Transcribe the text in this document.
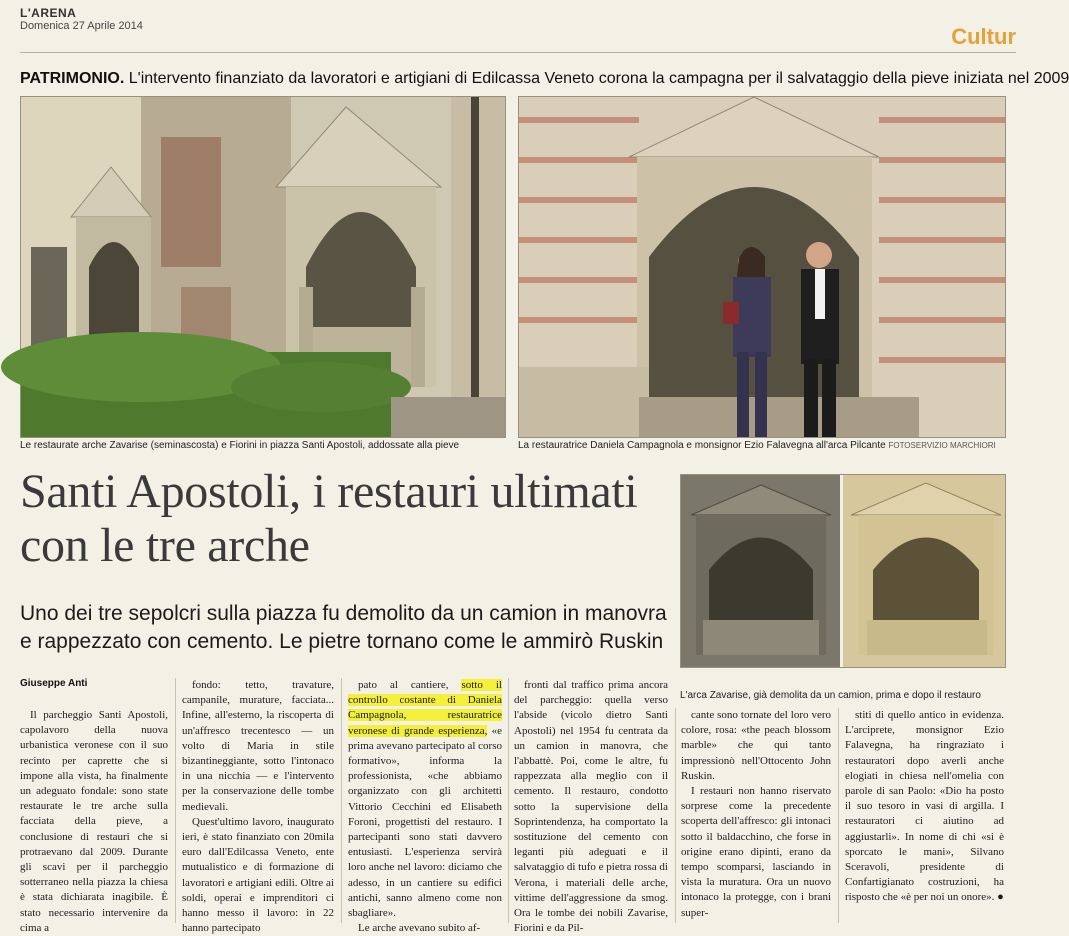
L'ARENA
Domenica 27 Aprile 2014	Cultur
PATRIMONIO. L'intervento finanziato da lavoratori e artigiani di Edilcassa Veneto corona la campagna per il salvataggio della pieve iniziata nel 2009
Le restaurate arche Zavarise (seminascosta) e Fiorini in piazza Santi Apostoli, addossate alla pieve	La restauratrice Daniela Campagnola e monsignor Ezio Falavegna all'arca Pilcante FOTOSERVIZIO MARCHIORI
Santi Apostoli, i restauri ultimati con le tre arche
Uno dei tre sepolcri sulla piazza fu demolito da un camion in manovra e rappezzato con cemento. Le pietre tornano come le ammirò Ruskin
L'arca Zavarise, già demolita da un camion, prima e dopo il restauro
Giuseppe Anti

Il parcheggio Santi Apostoli, capolavoro della nuova urbanistica veronese con il suo recinto per caprette che si impone alla vista, ha finalmente un adeguato fondale: sono state restaurate le tre arche sulla facciata della pieve, a conclusione di restauri che si protraevano dal 2009. Durante gli scavi per il parcheggio sotterraneo nella piazza la chiesa è stata dichiarata inagibile. È stato necessario intervenire da cima a

fondo: tetto, travature, campanile, murature, facciata... Infine, all'esterno, la riscoperta di un'affresco trecentesco — un volto di Maria in stile bizantineggiante, sotto l'intonaco in una nicchia — e l'intervento per la conservazione delle tombe medievali.

Quest'ultimo lavoro, inaugurato ieri, è stato finanziato con 20mila euro dall'Edilcassa Veneto, ente mutualistico e di formazione di lavoratori e artigiani edili. Oltre ai soldi, operai e imprenditori ci hanno messo il lavoro: in 22 hanno partecipato

pato al cantiere, sotto il controllo costante di Daniela Campagnola, restauratrice veronese di grande esperienza, «e prima avevano partecipato al corso formativo», informa la professionista, «che abbiamo organizzato con gli architetti Vittorio Cecchini ed Elisabeth Foroni, progettisti del restauro. I partecipanti sono stati davvero entusiasti. L'esperienza servirà loro anche nel lavoro: diciamo che adesso, in un cantiere su edifici antichi, sanno almeno come non sbagliare».

Le arche avevano subito af-

fronti dal traffico prima ancora del parcheggio: quella verso l'abside (vicolo dietro Santi Apostoli) nel 1954 fu centrata da un camion in manovra, che l'abbattè. Poi, come le altre, fu rappezzata alla meglio con il cemento. Il restauro, condotto sotto la supervisione della Soprintendenza, ha comportato la sostituzione del cemento con leganti più adeguati e il salvataggio di tufo e pietra rossa di Verona, i materiali delle arche, vittime dell'aggressione da smog. Ora le tombe dei nobili Zavarise, Fiorini e da Pil-

cante sono tornate del loro vero colore, rosa: «the peach blossom marble» che qui tanto impressionò nell'Ottocento John Ruskin.

I restauri non hanno riservato sorprese come la precedente scoperta dell'affresco: gli intonaci sotto il baldacchino, che forse in origine erano dipinti, erano da tempo scomparsi, lasciando in vista la muratura. Ora un nuovo intonaco la protegge, con i brani super-

stiti di quello antico in evidenza. L'arciprete, monsignor Ezio Falavegna, ha ringraziato i restauratori dopo averli anche elogiati in chiesa nell'omelia con parole di san Paolo: «Dio ha posto il suo tesoro in vasi di argilla. I restauratori ci aiutino ad aggiustarli». In nome di chi «si è sporcato le mani», Silvano Sceravoli, presidente di Confartigianato costruzioni, ha risposto che «è per noi un onore». ●
